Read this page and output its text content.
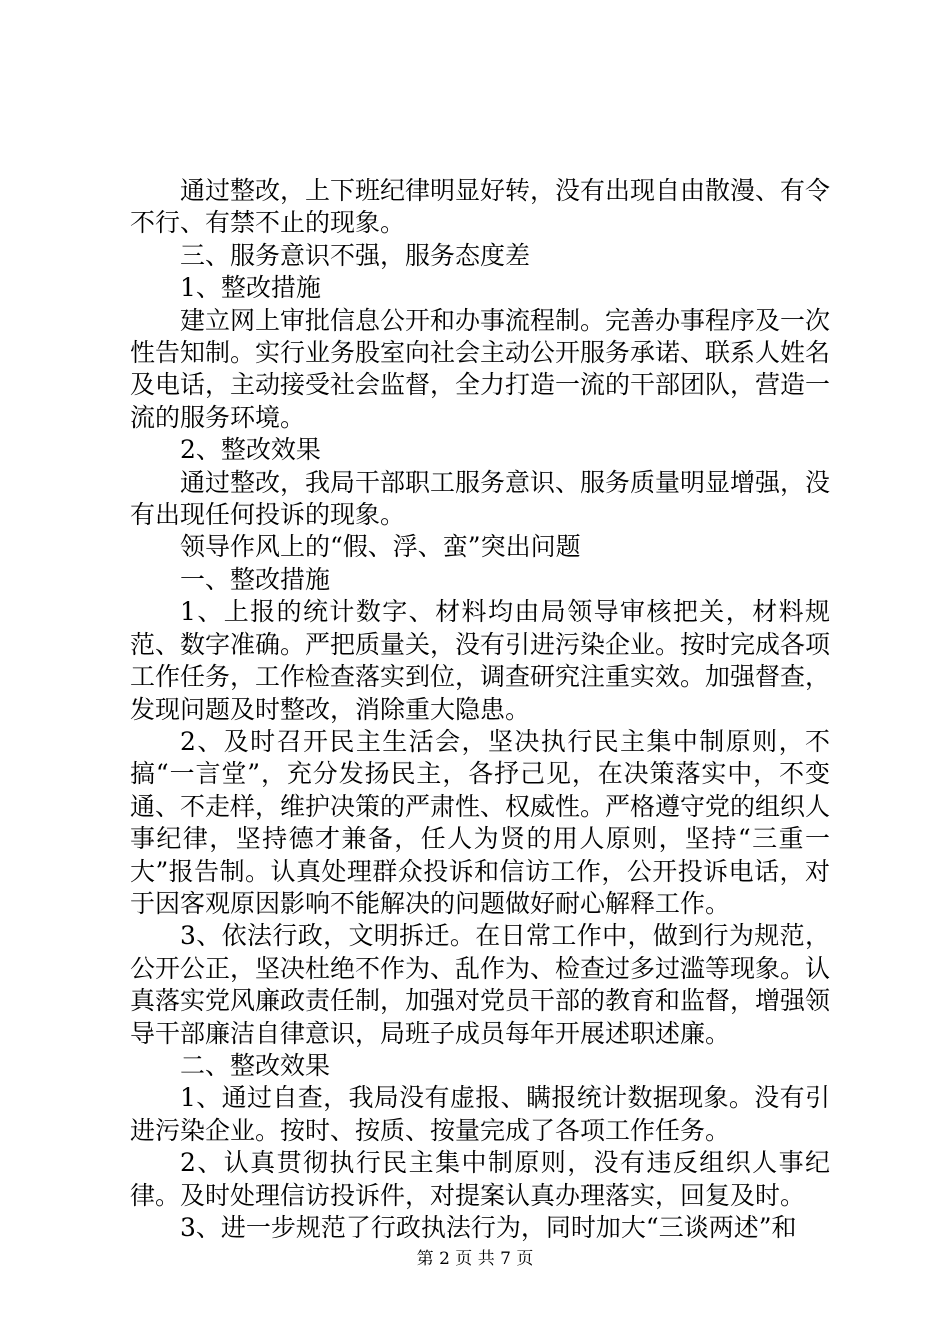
通过整改，上下班纪律明显好转，没有出现自由散漫、有令不行、有禁不止的现象。

三、服务意识不强，服务态度差

1、整改措施

建立网上审批信息公开和办事流程制。完善办事程序及一次性告知制。实行业务股室向社会主动公开服务承诺、联系人姓名及电话，主动接受社会监督，全力打造一流的干部团队，营造一流的服务环境。

2、整改效果

通过整改，我局干部职工服务意识、服务质量明显增强，没有出现任何投诉的现象。

领导作风上的“假、浮、蛮”突出问题

一、整改措施

1、上报的统计数字、材料均由局领导审核把关，材料规范、数字准确。严把质量关，没有引进污染企业。按时完成各项工作任务，工作检查落实到位，调查研究注重实效。加强督查，发现问题及时整改，消除重大隐患。

2、及时召开民主生活会，坚决执行民主集中制原则，不搞“一言堂”，充分发扬民主，各抒己见，在决策落实中，不变通、不走样，维护决策的严肃性、权威性。严格遵守党的组织人事纪律，坚持德才兼备，任人为贤的用人原则，坚持“三重一大”报告制。认真处理群众投诉和信访工作，公开投诉电话，对于因客观原因影响不能解决的问题做好耐心解释工作。

3、依法行政，文明拆迁。在日常工作中，做到行为规范，公开公正，坚决杜绝不作为、乱作为、检查过多过滥等现象。认真落实党风廉政责任制，加强对党员干部的教育和监督，增强领导干部廉洁自律意识，局班子成员每年开展述职述廉。

二、整改效果

1、通过自查，我局没有虚报、瞒报统计数据现象。没有引进污染企业。按时、按质、按量完成了各项工作任务。

2、认真贯彻执行民主集中制原则，没有违反组织人事纪律。及时处理信访投诉件，对提案认真办理落实，回复及时。

3、进一步规范了行政执法行为，同时加大“三谈两述”和

第 2 页 共 7 页
